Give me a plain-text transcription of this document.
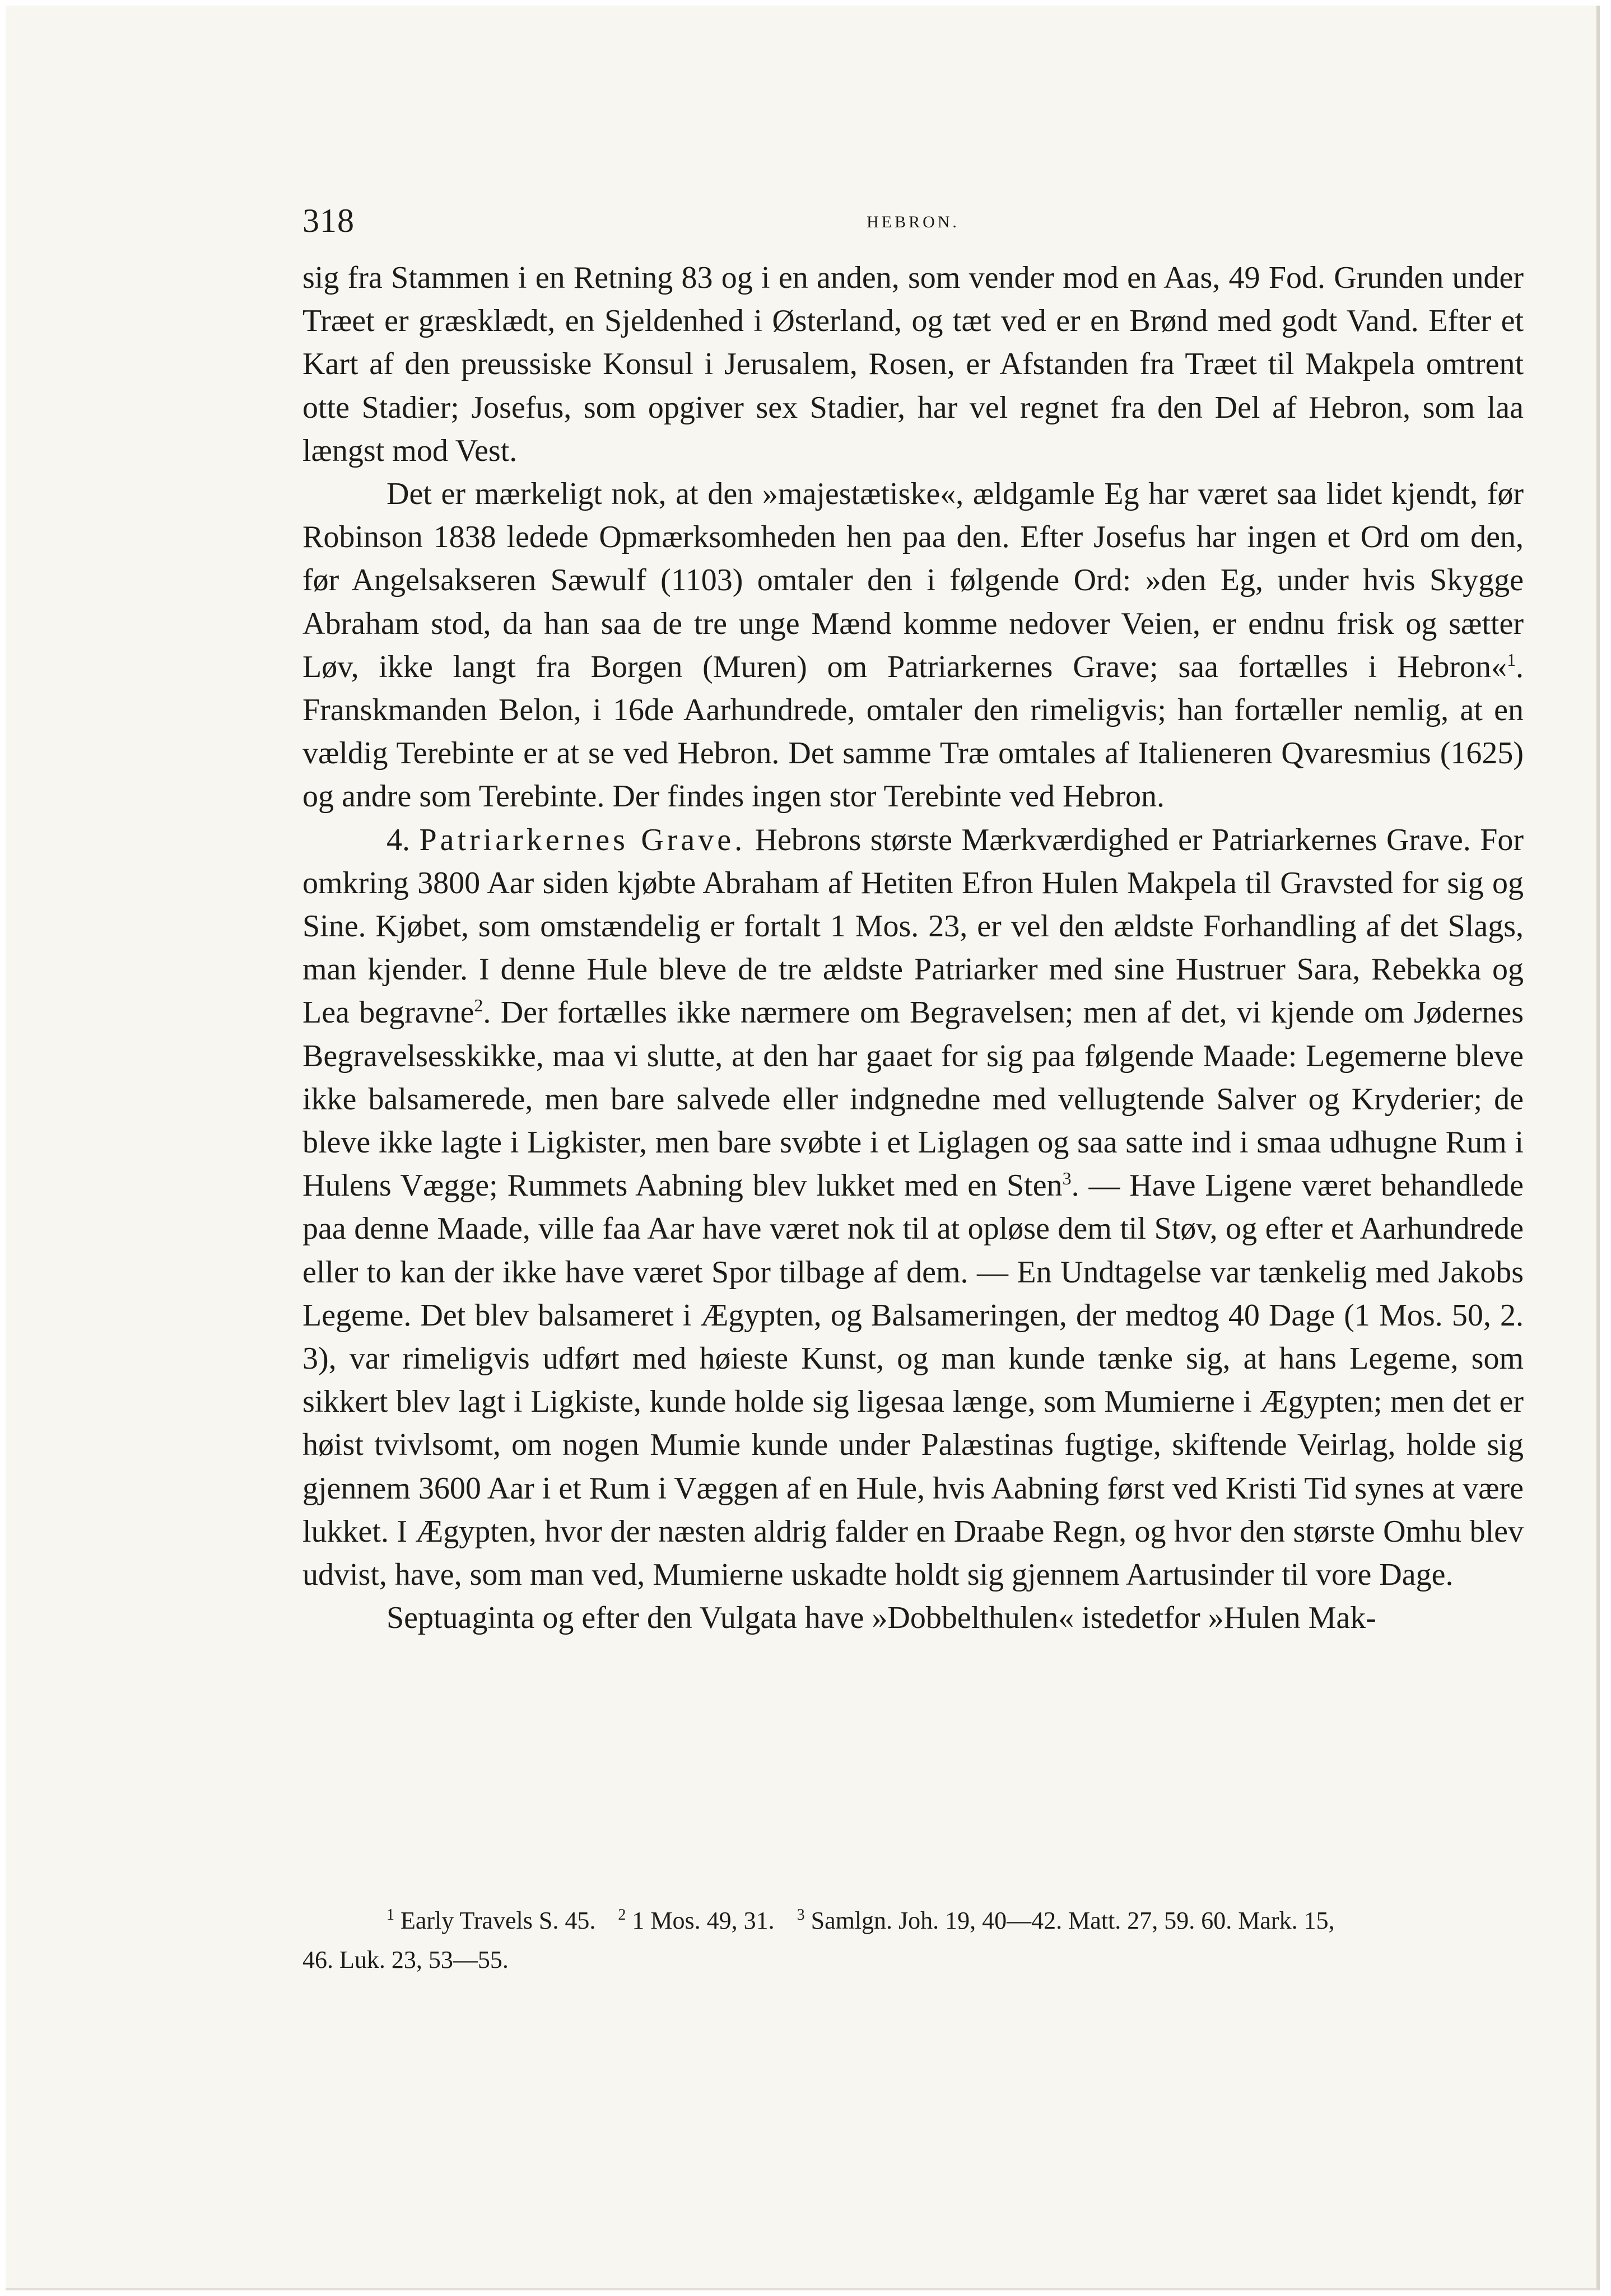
318	HEBRON.

sig fra Stammen i en Retning 83 og i en anden, som vender mod en Aas, 49 Fod. Grunden under Træet er græsklædt, en Sjeldenhed i Østerland, og tæt ved er en Brønd med godt Vand. Efter et Kart af den preussiske Konsul i Jerusalem, Rosen, er Afstanden fra Træet til Makpela omtrent otte Stadier; Josefus, som opgiver sex Stadier, har vel regnet fra den Del af Hebron, som laa længst mod Vest.

Det er mærkeligt nok, at den »majestætiske«, ældgamle Eg har været saa lidet kjendt, før Robinson 1838 ledede Opmærksomheden hen paa den. Efter Josefus har ingen et Ord om den, før Angelsakseren Sæwulf (1103) omtaler den i følgende Ord: »den Eg, under hvis Skygge Abraham stod, da han saa de tre unge Mænd komme nedover Veien, er endnu frisk og sætter Løv, ikke langt fra Borgen (Muren) om Patriarkernes Grave; saa fortælles i Hebron«$^1$. Franskmanden Belon, i 16de Aarhundrede, omtaler den rimeligvis; han fortæller nemlig, at en vældig Terebinte er at se ved Hebron. Det samme Træ omtales af Italieneren Qvaresmius (1625) og andre som Terebinte. Der findes ingen stor Terebinte ved Hebron.

4. Patriarkernes Grave. Hebrons største Mærkværdighed er Patriarkernes Grave. For omkring 3800 Aar siden kjøbte Abraham af Hetiten Efron Hulen Makpela til Gravsted for sig og Sine. Kjøbet, som omstændelig er fortalt 1 Mos. 23, er vel den ældste Forhandling af det Slags, man kjender. I denne Hule bleve de tre ældste Patriarker med sine Hustruer Sara, Rebekka og Lea begravne$^2$. Der fortælles ikke nærmere om Begravelsen; men af det, vi kjende om Jødernes Begravelsesskikke, maa vi slutte, at den har gaaet for sig paa følgende Maade: Legemerne bleve ikke balsamerede, men bare salvede eller indgnedne med vellugtende Salver og Kryderier; de bleve ikke lagte i Ligkister, men bare svøbte i et Liglagen og saa satte ind i smaa udhugne Rum i Hulens Vægge; Rummets Aabning blev lukket med en Sten$^3$. — Have Ligene været behandlede paa denne Maade, ville faa Aar have været nok til at opløse dem til Støv, og efter et Aarhundrede eller to kan der ikke have været Spor tilbage af dem. — En Undtagelse var tænkelig med Jakobs Legeme. Det blev balsameret i Ægypten, og Balsameringen, der medtog 40 Dage (1 Mos. 50, 2. 3), var rimeligvis udført med høieste Kunst, og man kunde tænke sig, at hans Legeme, som sikkert blev lagt i Ligkiste, kunde holde sig ligesaa længe, som Mumierne i Ægypten; men det er høist tvivlsomt, om nogen Mumie kunde under Palæstinas fugtige, skiftende Veirlag, holde sig gjennem 3600 Aar i et Rum i Væggen af en Hule, hvis Aabning først ved Kristi Tid synes at være lukket. I Ægypten, hvor der næsten aldrig falder en Draabe Regn, og hvor den største Omhu blev udvist, have, som man ved, Mumierne uskadte holdt sig gjennem Aartusinder til vore Dage.

Septuaginta og efter den Vulgata have »Dobbelthulen« istedetfor »Hulen Mak-

$^1$ Early Travels S. 45. $^2$ 1 Mos. 49, 31. $^3$ Samlgn. Joh. 19, 40—42. Matt. 27, 59. 60. Mark. 15,
46. Luk. 23, 53—55.
